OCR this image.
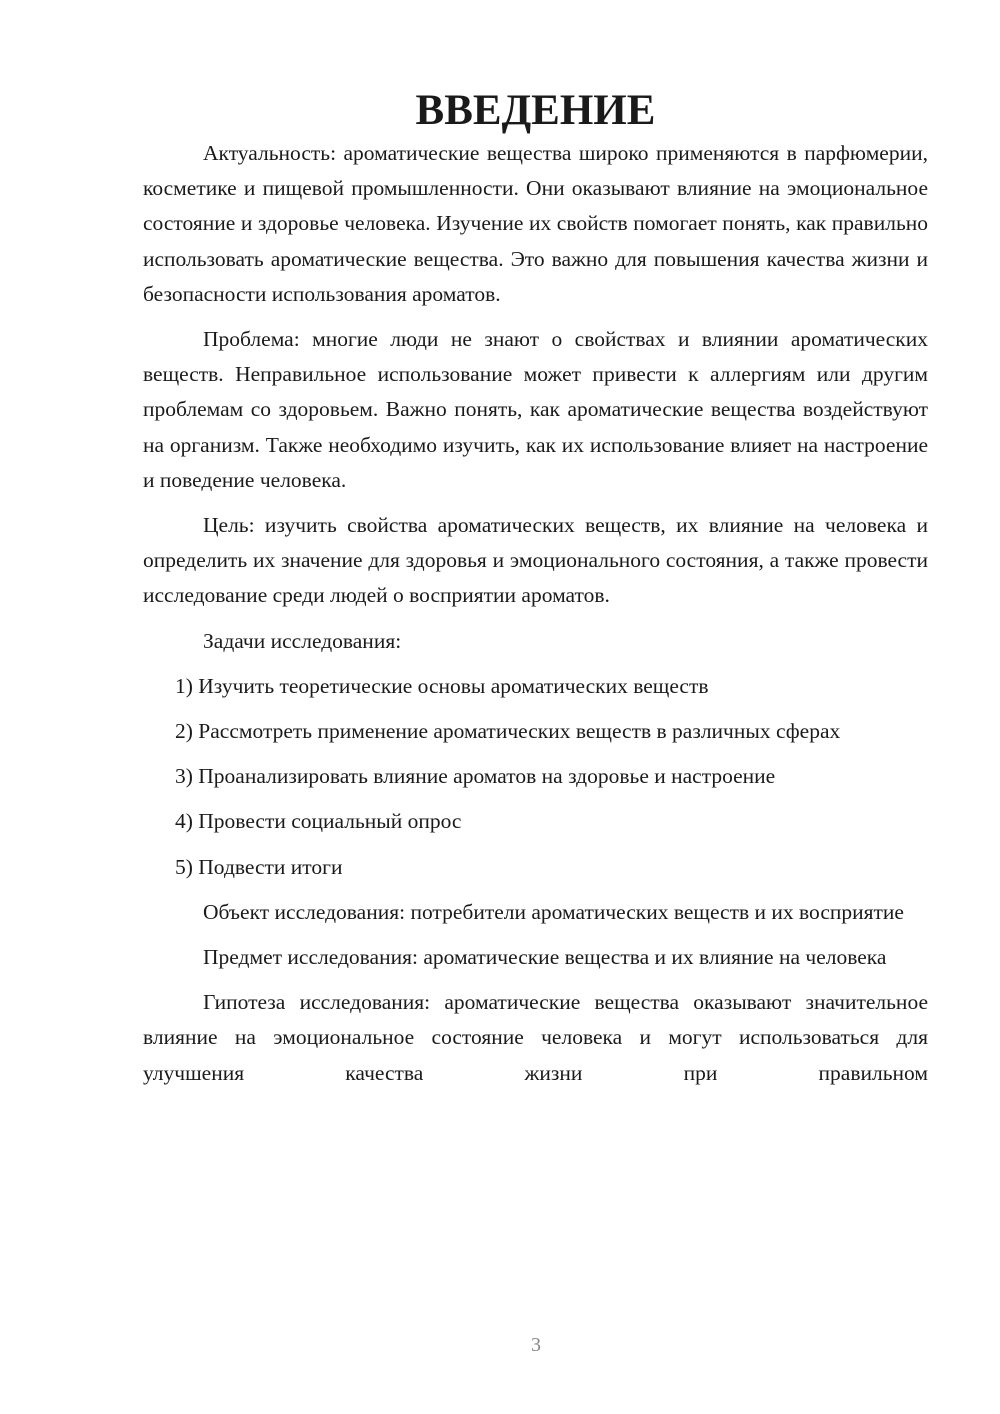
ВВЕДЕНИЕ

Актуальность: ароматические вещества широко применяются в парфюмерии, косметике и пищевой промышленности. Они оказывают влияние на эмоциональное состояние и здоровье человека. Изучение их свойств помогает понять, как правильно использовать ароматические вещества. Это важно для повышения качества жизни и безопасности использования ароматов.

Проблема: многие люди не знают о свойствах и влиянии ароматических веществ. Неправильное использование может привести к аллергиям или другим проблемам со здоровьем. Важно понять, как ароматические вещества воздействуют на организм. Также необходимо изучить, как их использование влияет на настроение и поведение человека.

Цель: изучить свойства ароматических веществ, их влияние на человека и определить их значение для здоровья и эмоционального состояния, а также провести исследование среди людей о восприятии ароматов.

Задачи исследования:

1) Изучить теоретические основы ароматических веществ

2) Рассмотреть применение ароматических веществ в различных сферах

3) Проанализировать влияние ароматов на здоровье и настроение

4) Провести социальный опрос

5) Подвести итоги

Объект исследования: потребители ароматических веществ и их восприятие

Предмет исследования: ароматические вещества и их влияние на человека

Гипотеза исследования: ароматические вещества оказывают значительное влияние на эмоциональное состояние человека и могут использоваться для улучшения качества жизни при правильном

3
